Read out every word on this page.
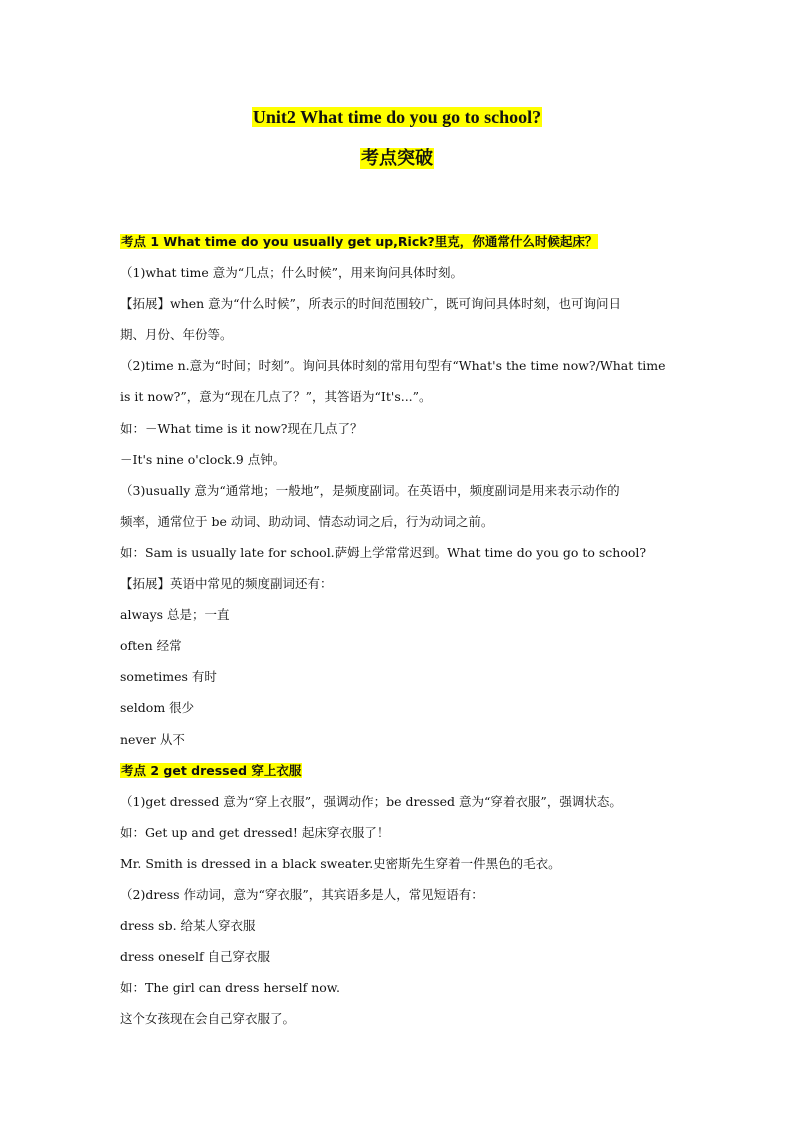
Unit2 What time do you go to school?
考点突破
考点 1 What time do you usually get up,Rick?里克，你通常什么时候起床？
（1)what time 意为“几点；什么时候”，用来询问具体时刻。
【拓展】when 意为“什么时候”，所表示的时间范围较广，既可询问具体时刻，也可询问日
期、月份、年份等。
（2)time n.意为“时间；时刻”。询问具体时刻的常用句型有“What's the time now?/What time
is it now?”，意为“现在几点了？”，其答语为“It's...”。
如：－What time is it now?现在几点了？
－It's nine o'clock.9 点钟。
（3)usually 意为“通常地；一般地”，是频度副词。在英语中，频度副词是用来表示动作的
频率，通常位于 be 动词、助动词、情态动词之后，行为动词之前。
如：Sam is usually late for school.萨姆上学常常迟到。What time do you go to school?
【拓展】英语中常见的频度副词还有：
always 总是；一直
often 经常
sometimes 有时
seldom 很少
never 从不
考点 2 get dressed 穿上衣服
（1)get dressed 意为“穿上衣服”，强调动作；be dressed 意为“穿着衣服”，强调状态。
如：Get up and get dressed! 起床穿衣服了！
Mr. Smith is dressed in a black sweater.史密斯先生穿着一件黑色的毛衣。
（2)dress 作动词，意为“穿衣服”，其宾语多是人，常见短语有：
dress sb. 给某人穿衣服
dress oneself 自己穿衣服
如：The girl can dress herself now.
这个女孩现在会自己穿衣服了。
